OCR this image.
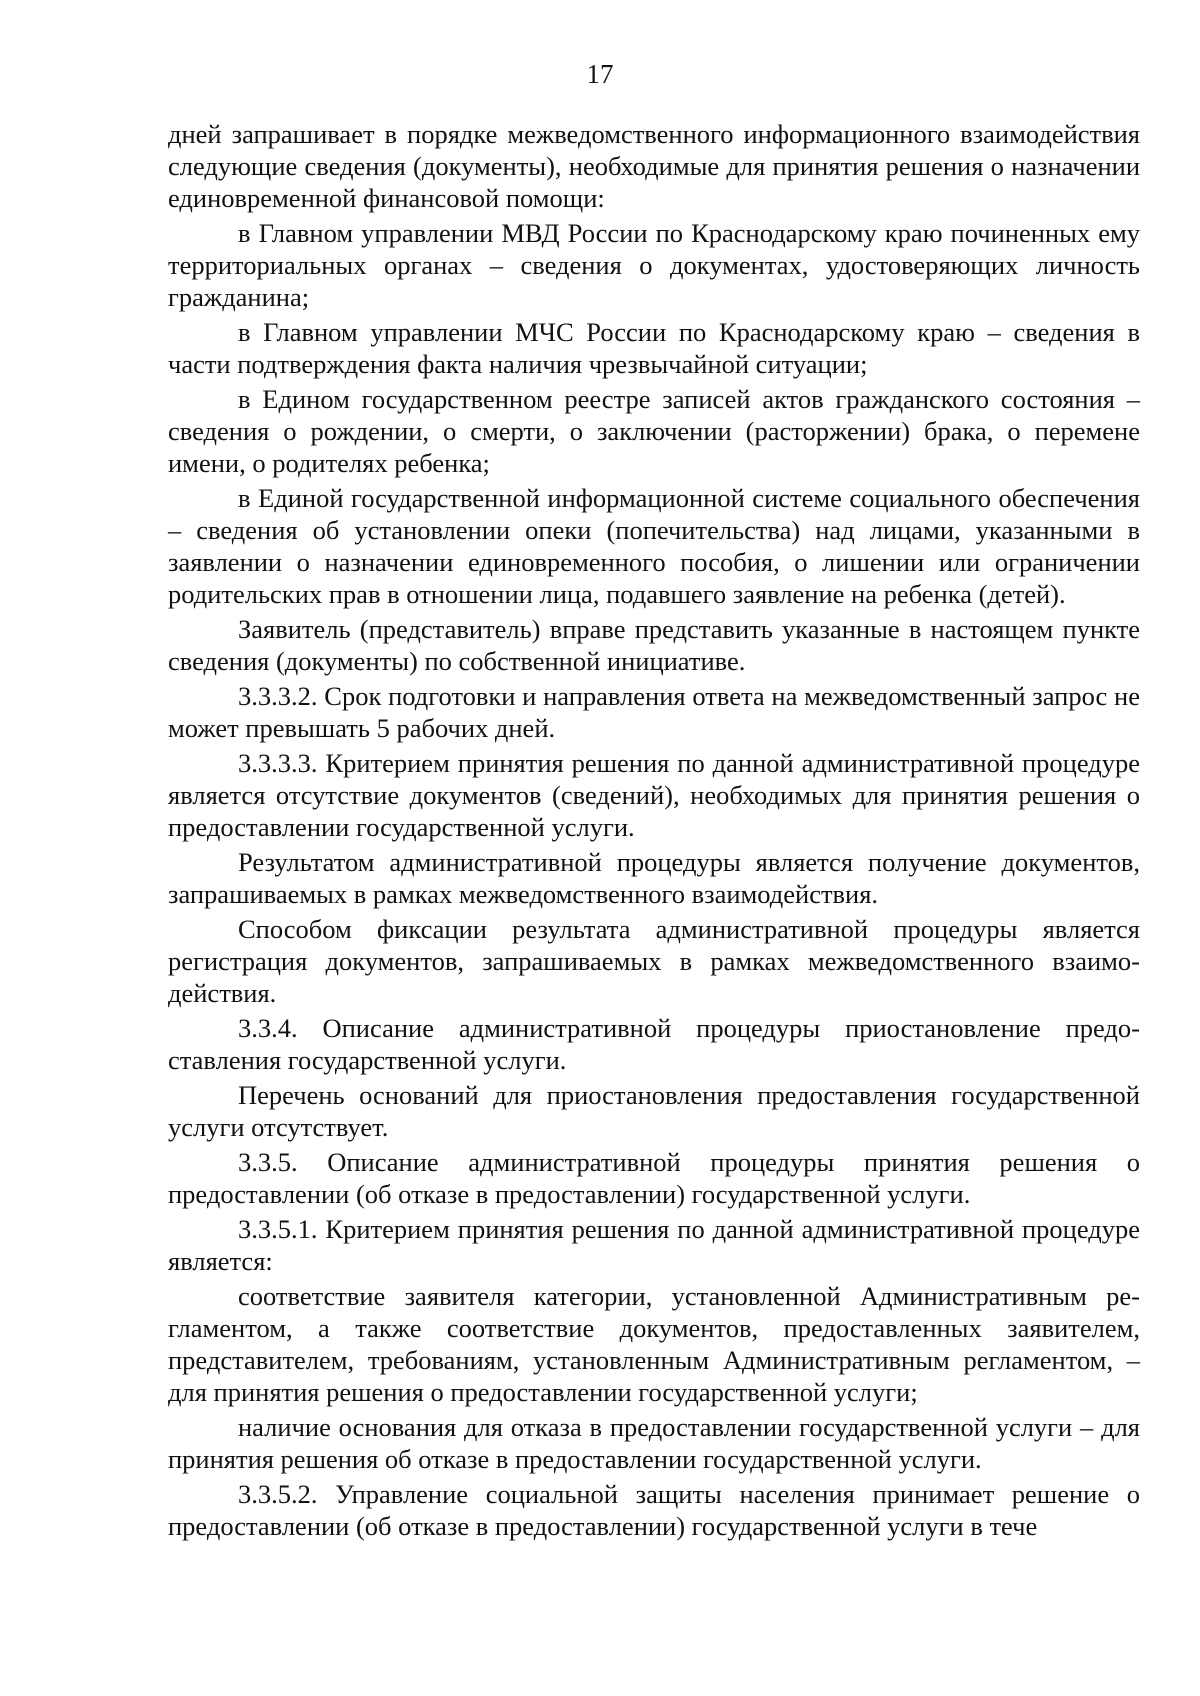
17

дней запрашивает в порядке межведомственного информационного взаимодействия следующие сведения (документы), необходимые для принятия решения о назначении единовременной финансовой помощи:

в Главном управлении МВД России по Краснодарскому краю починенных ему территориальных органах – сведения о документах, удостоверяющих личность гражданина;

в Главном управлении МЧС России по Краснодарскому краю – сведения в части подтверждения факта наличия чрезвычайной ситуации;

в Едином государственном реестре записей актов гражданского состояния – сведения о рождении, о смерти, о заключении (расторжении) брака, о перемене имени, о родителях ребенка;

в Единой государственной информационной системе социального обеспечения – сведения об установлении опеки (попечительства) над лицами, указанными в заявлении о назначении единовременного пособия, о лишении или ограничении родительских прав в отношении лица, подавшего заявление на ребенка (детей).

Заявитель (представитель) вправе представить указанные в настоящем пункте сведения (документы) по собственной инициативе.

3.3.3.2. Срок подготовки и направления ответа на межведомственный запрос не может превышать 5 рабочих дней.

3.3.3.3. Критерием принятия решения по данной административной процедуре является отсутствие документов (сведений), необходимых для принятия решения о предоставлении государственной услуги.

Результатом административной процедуры является получение документов, запрашиваемых в рамках межведомственного взаимодействия.

Способом фиксации результата административной процедуры является регистрация документов, запрашиваемых в рамках межведомственного взаимодействия.

3.3.4. Описание административной процедуры приостановление предоставления государственной услуги.

Перечень оснований для приостановления предоставления государственной услуги отсутствует.

3.3.5. Описание административной процедуры принятия решения о предоставлении (об отказе в предоставлении) государственной услуги.

3.3.5.1. Критерием принятия решения по данной административной процедуре является:

соответствие заявителя категории, установленной Административным регламентом, а также соответствие документов, предоставленных заявителем, представителем, требованиям, установленным Административным регламентом, – для принятия решения о предоставлении государственной услуги;

наличие основания для отказа в предоставлении государственной услуги – для принятия решения об отказе в предоставлении государственной услуги.

3.3.5.2. Управление социальной защиты населения принимает решение о предоставлении (об отказе в предоставлении) государственной услуги в тече
